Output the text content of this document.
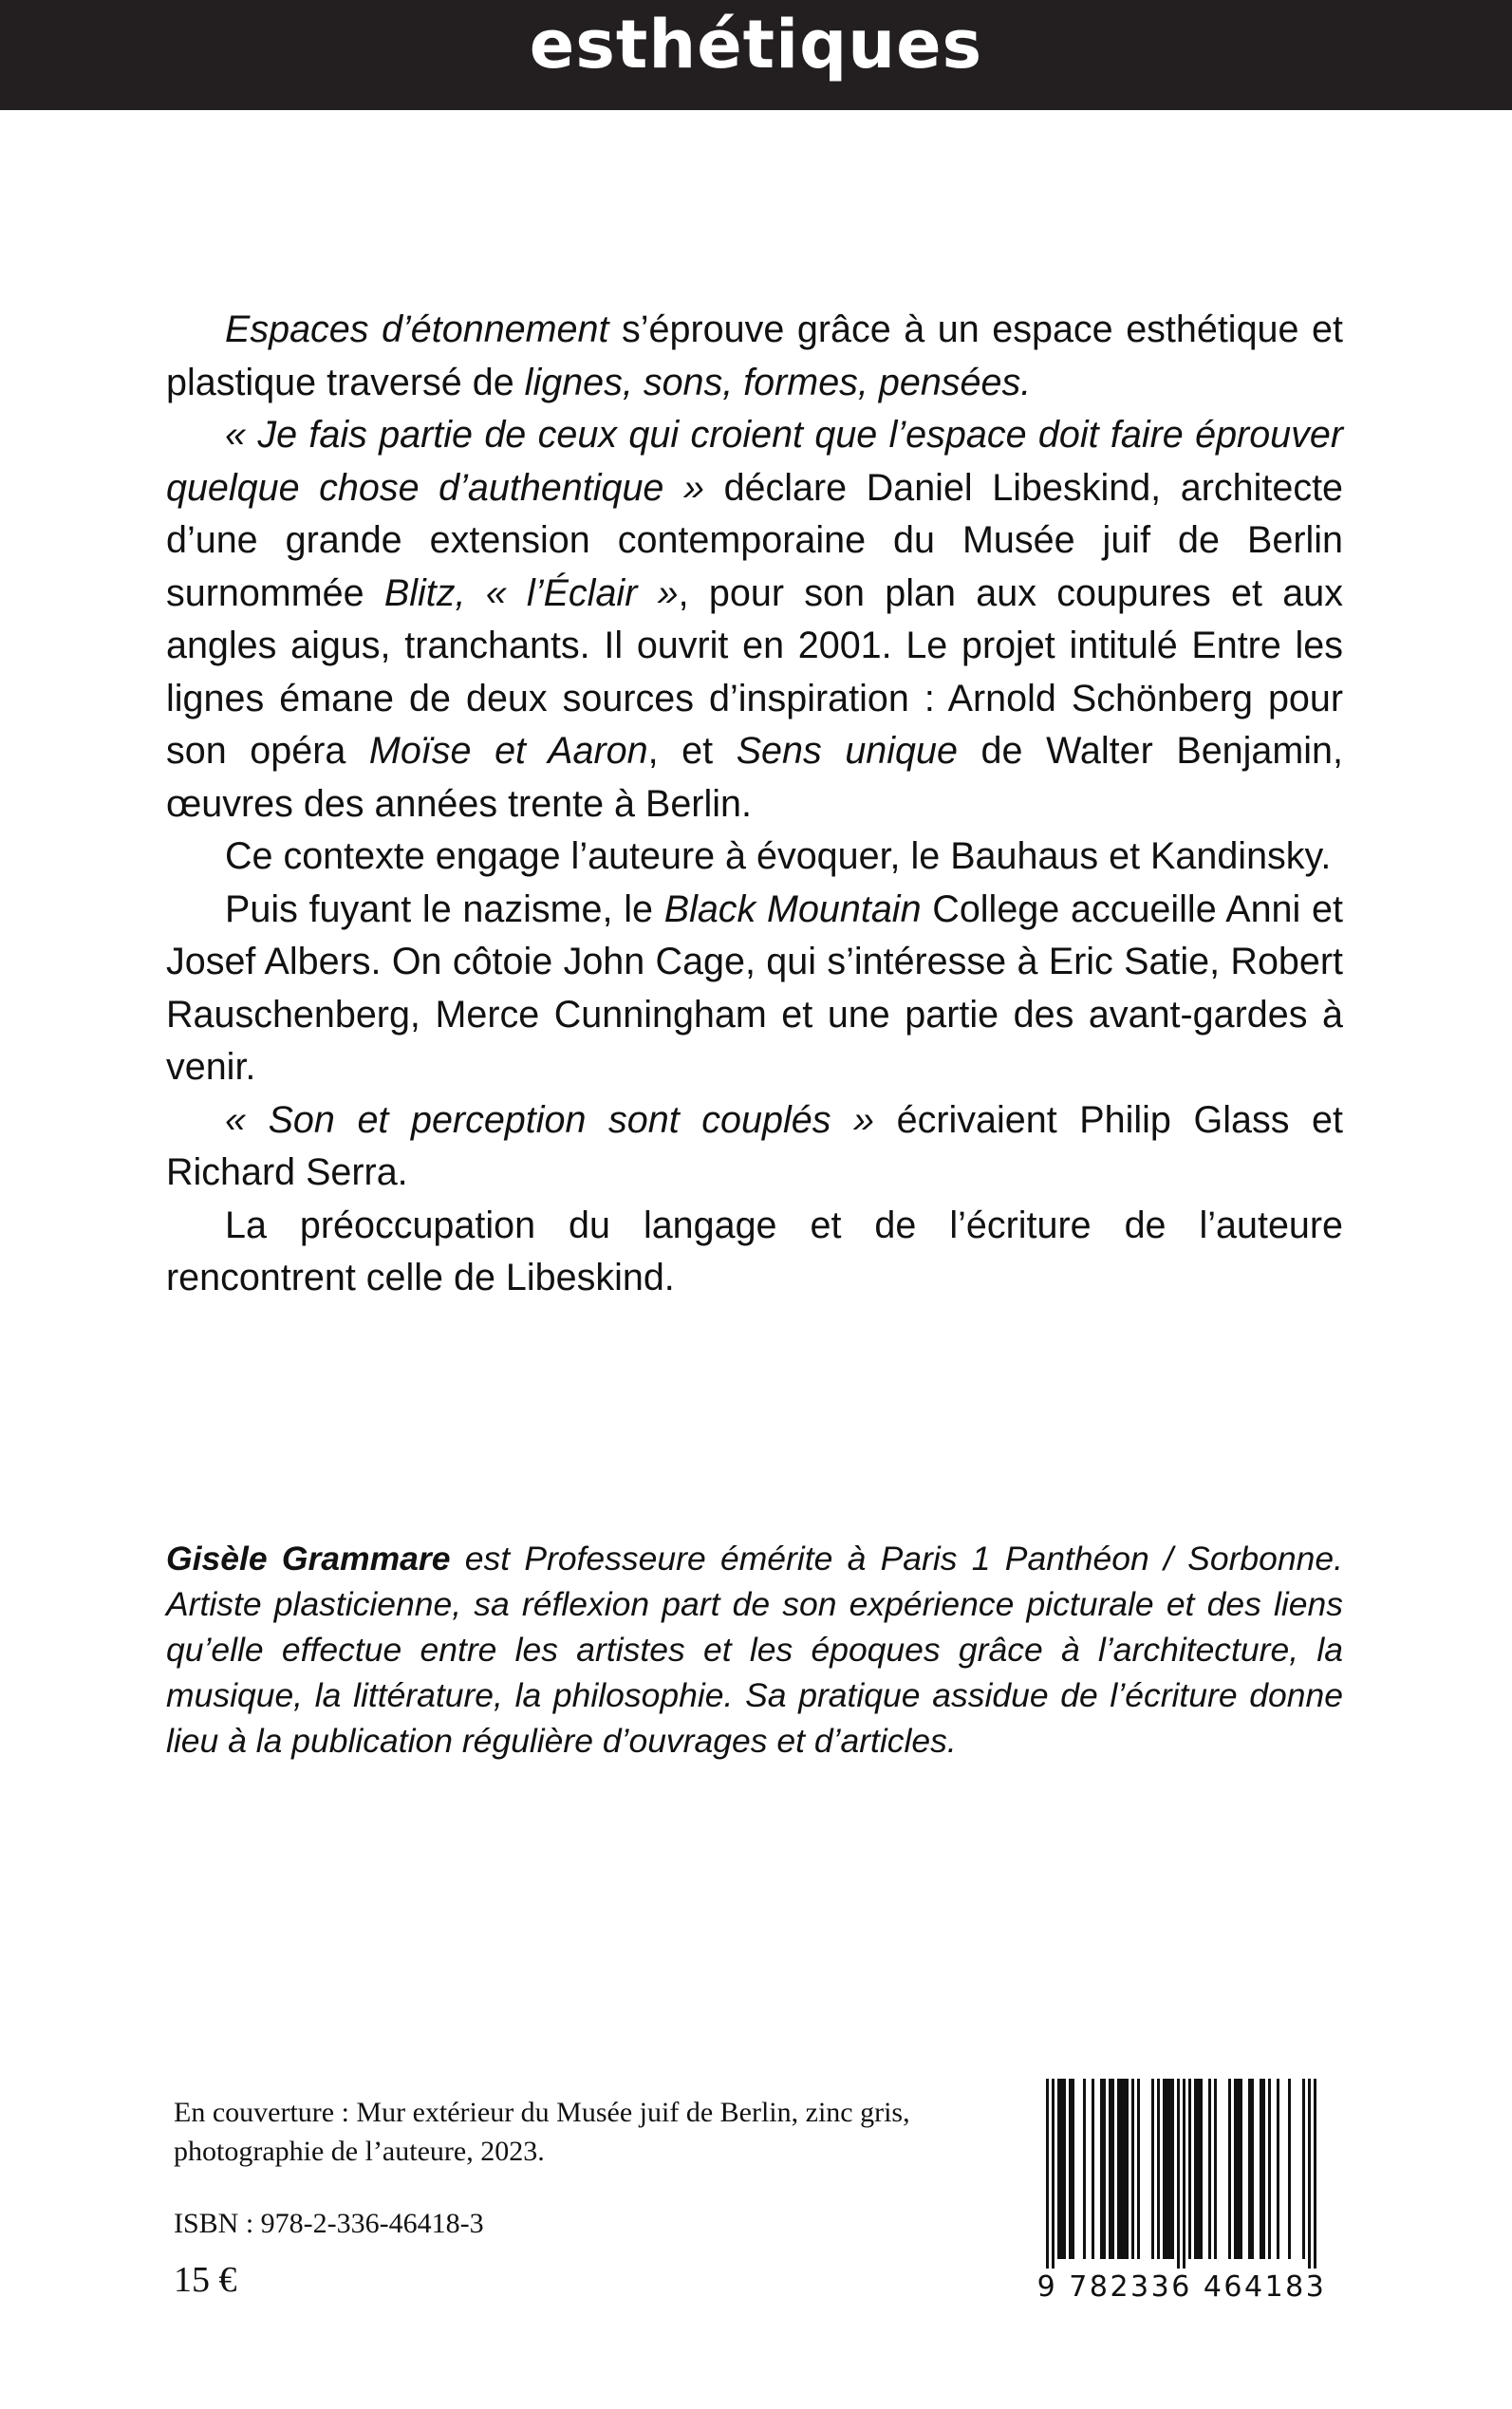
esthétiques

Espaces d’étonnement s’éprouve grâce à un espace esthétique et plastique traversé de lignes, sons, formes, pensées.

« Je fais partie de ceux qui croient que l’espace doit faire éprouver quelque chose d’authentique » déclare Daniel Libeskind, architecte d’une grande extension contemporaine du Musée juif de Berlin surnommée Blitz, « l’Éclair », pour son plan aux coupures et aux angles aigus, tranchants. Il ouvrit en 2001. Le projet intitulé Entre les lignes émane de deux sources d’inspiration : Arnold Schönberg pour son opéra Moïse et Aaron, et Sens unique de Walter Benjamin, œuvres des années trente à Berlin.

Ce contexte engage l’auteure à évoquer, le Bauhaus et Kandinsky.

Puis fuyant le nazisme, le Black Mountain College accueille Anni et Josef Albers. On côtoie John Cage, qui s’intéresse à Eric Satie, Robert Rauschenberg, Merce Cunningham et une partie des avant-gardes à venir.

« Son et perception sont couplés » écrivaient Philip Glass et Richard Serra.

La préoccupation du langage et de l’écriture de l’auteure rencontrent celle de Libeskind.

Gisèle Grammare est Professeure émérite à Paris 1 Panthéon / Sorbonne. Artiste plasticienne, sa réflexion part de son expérience picturale et des liens qu’elle effectue entre les artistes et les époques grâce à l’architecture, la musique, la littérature, la philosophie. Sa pratique assidue de l’écriture donne lieu à la publication régulière d’ouvrages et d’articles.

En couverture : Mur extérieur du Musée juif de Berlin, zinc gris, photographie de l’auteure, 2023.

ISBN : 978-2-336-46418-3

15 €	9 782336 464183
